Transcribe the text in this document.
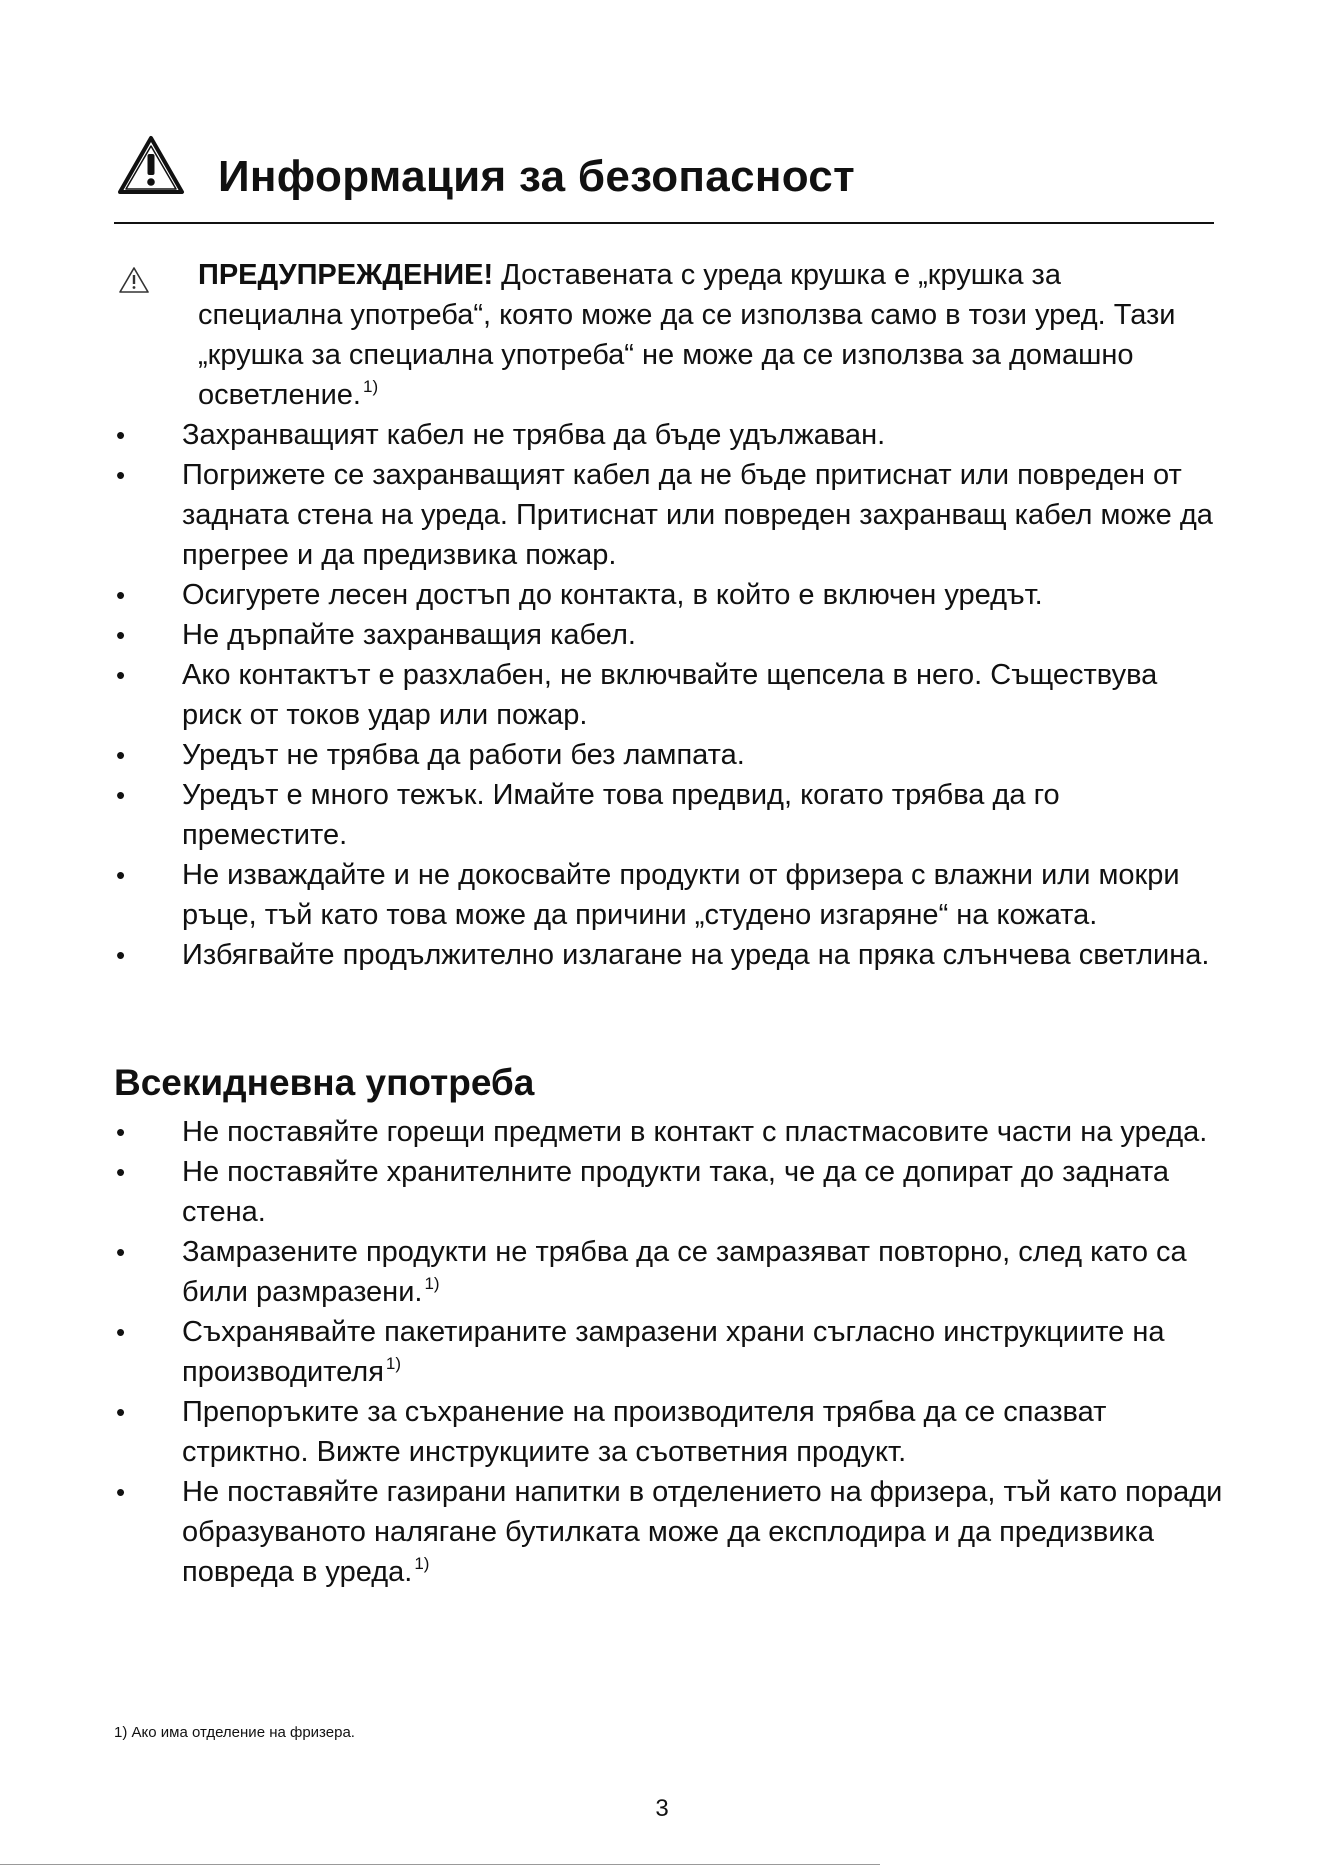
Информация за безопасност
ПРЕДУПРЕЖДЕНИЕ! Доставената с уреда крушка е „крушка за специална употреба“, която може да се използва само в този уред. Тази „крушка за специална употреба“ не може да се използва за домашно осветление. $^{1)}$
• Захранващият кабел не трябва да бъде удължаван.
• Погрижете се захранващият кабел да не бъде притиснат или повреден от задната стена на уреда. Притиснат или повреден захранващ кабел може да прегрее и да предизвика пожар.
• Осигурете лесен достъп до контакта, в който е включен уредът.
• Не дърпайте захранващия кабел.
• Ако контактът е разхлабен, не включвайте щепсела в него. Съществува риск от токов удар или пожар.
• Уредът не трябва да работи без лампата.
• Уредът е много тежък. Имайте това предвид, когато трябва да го преместите.
• Не изваждайте и не докосвайте продукти от фризера с влажни или мокри ръце, тъй като това може да причини „студено изгаряне“ на кожата.
• Избягвайте продължително излагане на уреда на пряка слънчева светлина.
Всекидневна употреба
• Не поставяйте горещи предмети в контакт с пластмасовите части на уреда.
• Не поставяйте хранителните продукти така, че да се допират до задната стена.
• Замразените продукти не трябва да се замразяват повторно, след като са били размразени. $^{1)}$
• Съхранявайте пакетираните замразени храни съгласно инструкциите на производителя $^{1)}$
• Препоръките за съхранение на производителя трябва да се спазват стриктно. Вижте инструкциите за съответния продукт.
• Не поставяйте газирани напитки в отделението на фризера, тъй като поради образуваното налягане бутилката може да експлодира и да предизвика повреда в уреда. $^{1)}$
1) Ако има отделение на фризера.
3
